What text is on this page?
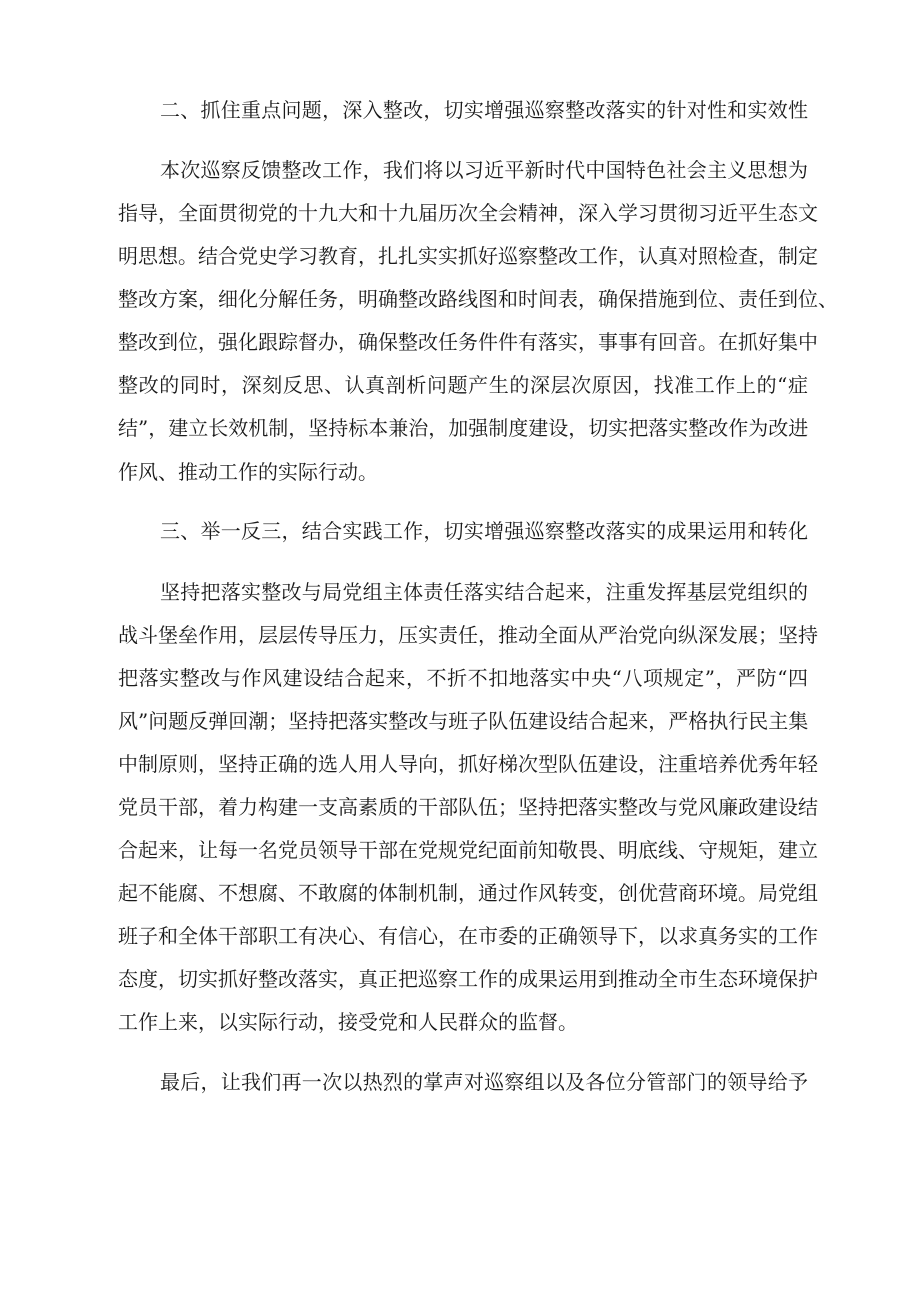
二、抓住重点问题，深入整改，切实增强巡察整改落实的针对性和实效性

本次巡察反馈整改工作，我们将以习近平新时代中国特色社会主义思想为

指导，全面贯彻党的十九大和十九届历次全会精神，深入学习贯彻习近平生态文

明思想。结合党史学习教育，扎扎实实抓好巡察整改工作，认真对照检查，制定

整改方案，细化分解任务，明确整改路线图和时间表，确保措施到位、责任到位、

整改到位，强化跟踪督办，确保整改任务件件有落实，事事有回音。在抓好集中

整改的同时，深刻反思、认真剖析问题产生的深层次原因，找准工作上的“症

结”，建立长效机制，坚持标本兼治，加强制度建设，切实把落实整改作为改进

作风、推动工作的实际行动。

三、举一反三，结合实践工作，切实增强巡察整改落实的成果运用和转化

坚持把落实整改与局党组主体责任落实结合起来，注重发挥基层党组织的

战斗堡垒作用，层层传导压力，压实责任，推动全面从严治党向纵深发展；坚持

把落实整改与作风建设结合起来，不折不扣地落实中央“八项规定”，严防“四

风”问题反弹回潮；坚持把落实整改与班子队伍建设结合起来，严格执行民主集

中制原则，坚持正确的选人用人导向，抓好梯次型队伍建设，注重培养优秀年轻

党员干部，着力构建一支高素质的干部队伍；坚持把落实整改与党风廉政建设结

合起来，让每一名党员领导干部在党规党纪面前知敬畏、明底线、守规矩，建立

起不能腐、不想腐、不敢腐的体制机制，通过作风转变，创优营商环境。局党组

班子和全体干部职工有决心、有信心，在市委的正确领导下，以求真务实的工作

态度，切实抓好整改落实，真正把巡察工作的成果运用到推动全市生态环境保护

工作上来，以实际行动，接受党和人民群众的监督。

最后，让我们再一次以热烈的掌声对巡察组以及各位分管部门的领导给予
